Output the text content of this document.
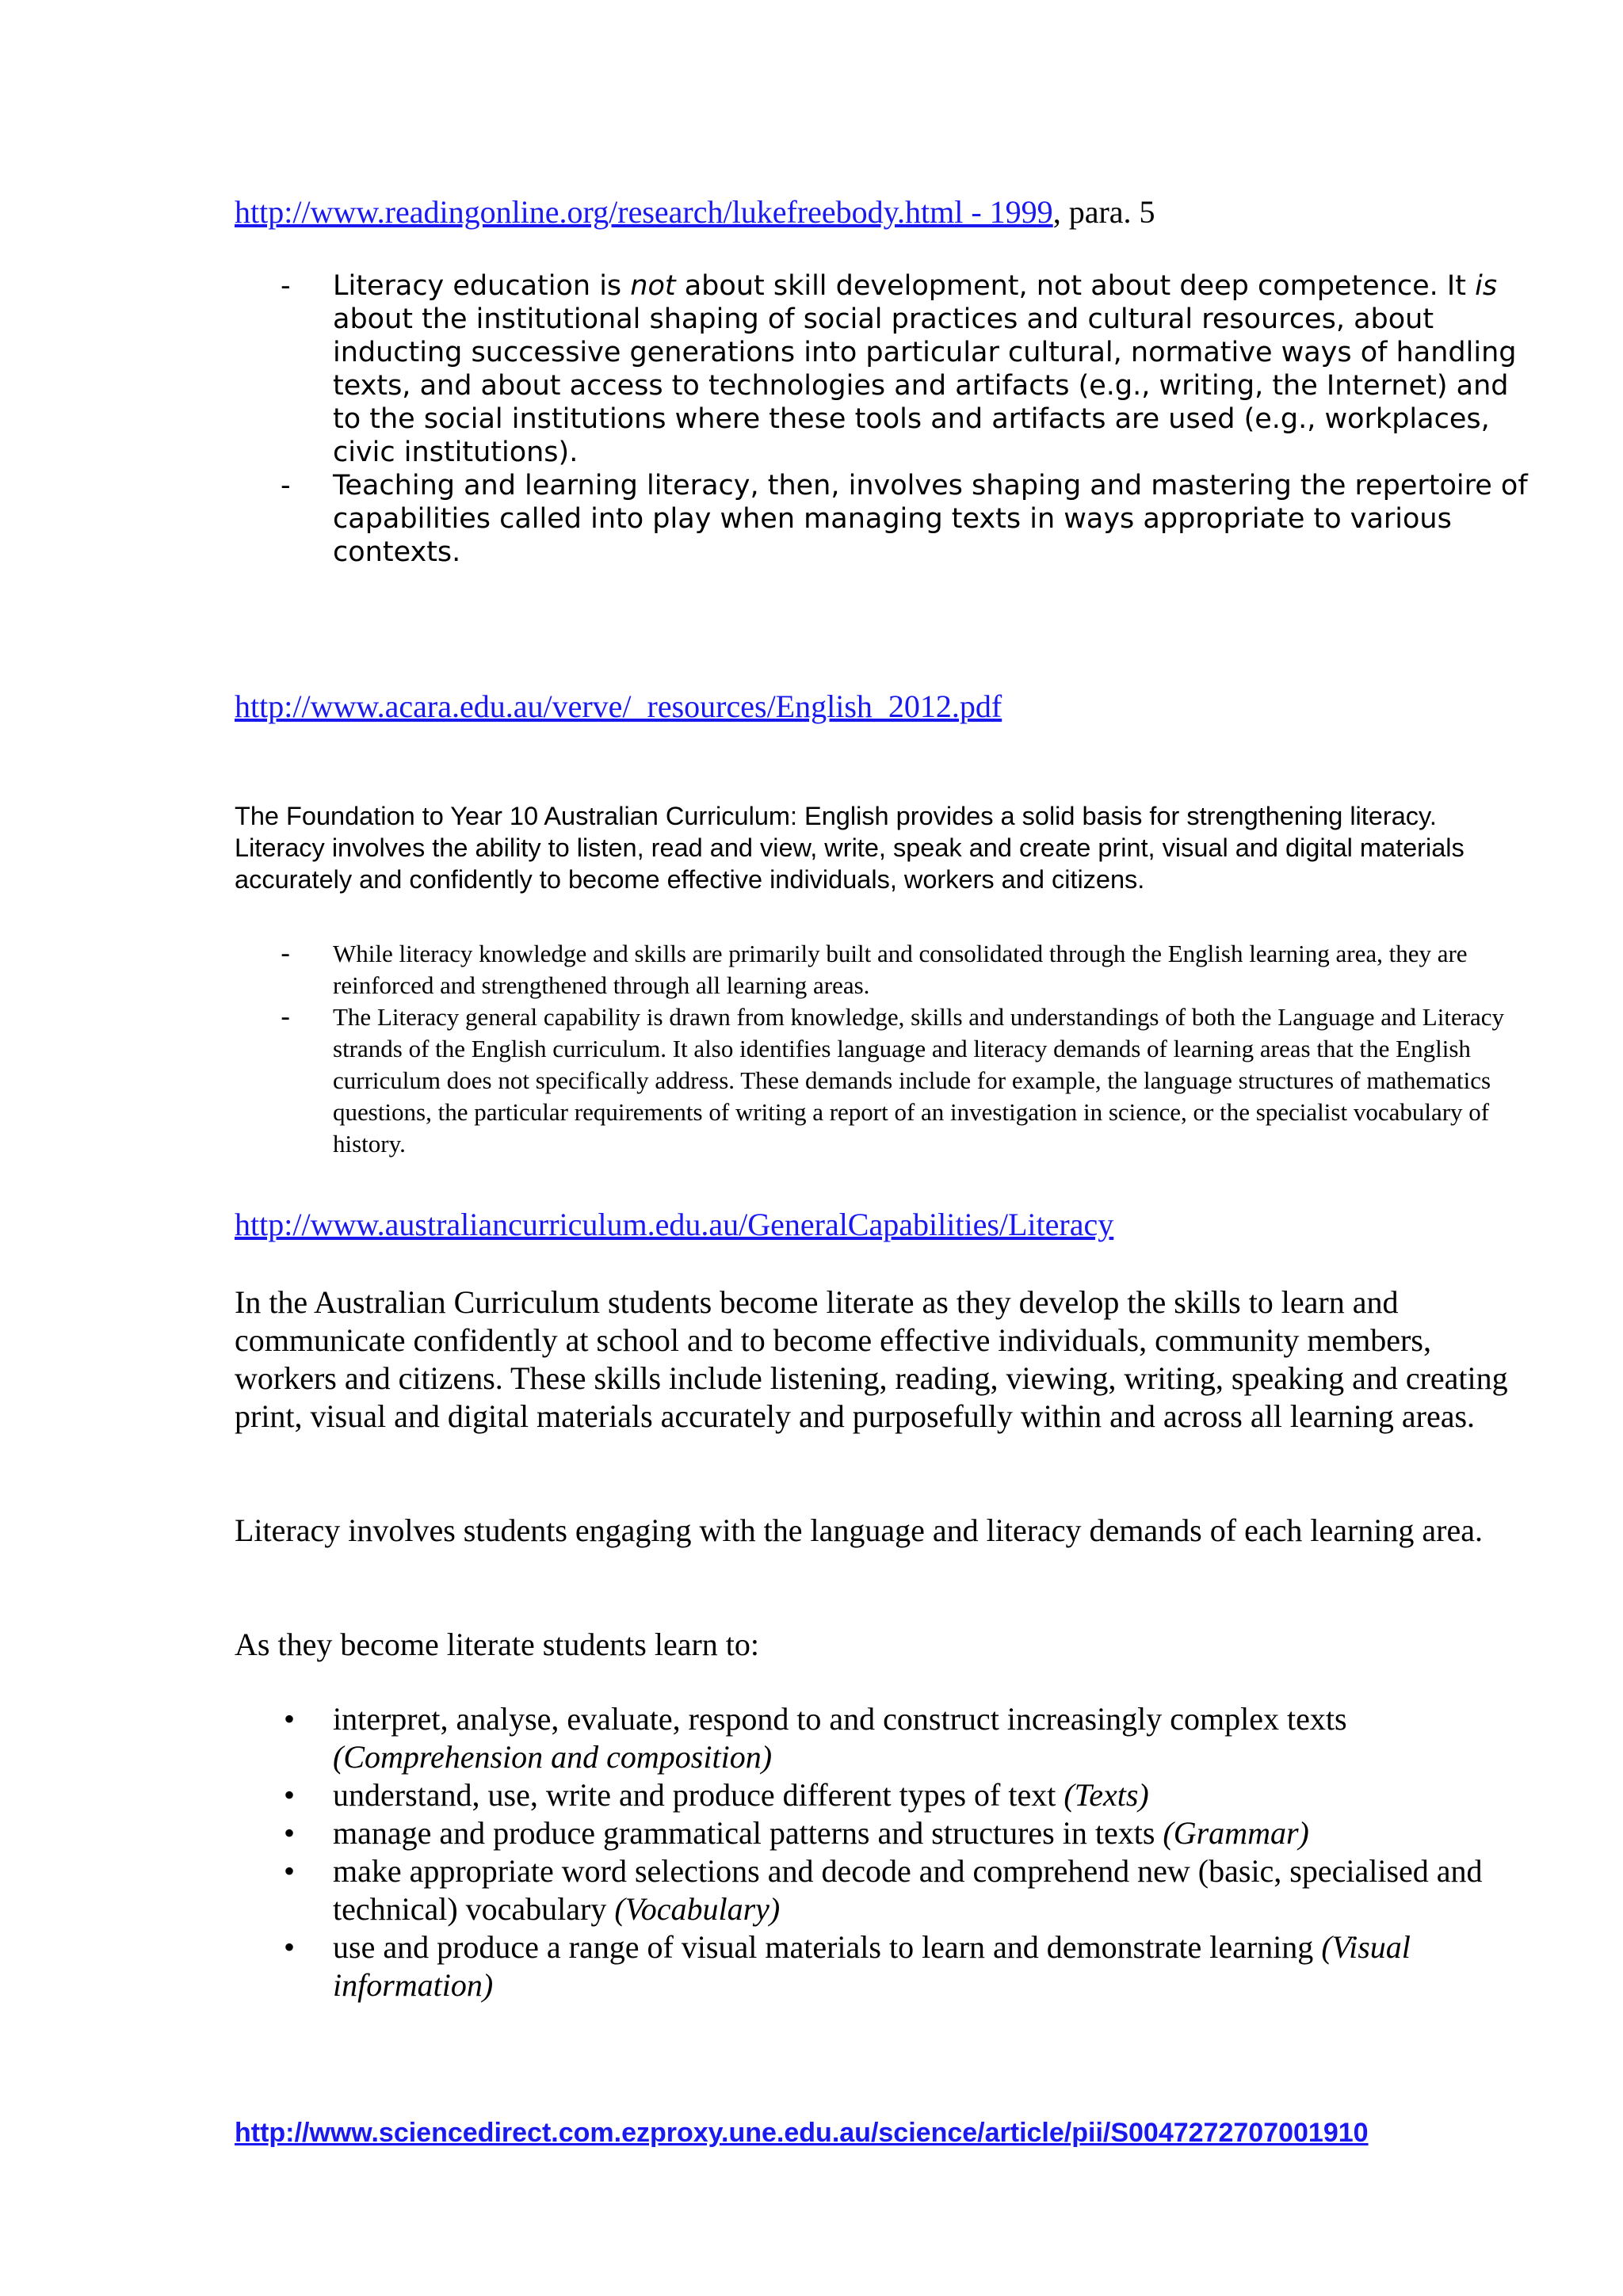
http://www.readingonline.org/research/lukefreebody.html - 1999, para. 5
- Literacy education is not about skill development, not about deep competence. It is about the institutional shaping of social practices and cultural resources, about inducting successive generations into particular cultural, normative ways of handling texts, and about access to technologies and artifacts (e.g., writing, the Internet) and to the social institutions where these tools and artifacts are used (e.g., workplaces, civic institutions).
- Teaching and learning literacy, then, involves shaping and mastering the repertoire of capabilities called into play when managing texts in ways appropriate to various contexts.
http://www.acara.edu.au/verve/_resources/English_2012.pdf

The Foundation to Year 10 Australian Curriculum: English provides a solid basis for strengthening literacy. Literacy involves the ability to listen, read and view, write, speak and create print, visual and digital materials accurately and confidently to become effective individuals, workers and citizens.

- While literacy knowledge and skills are primarily built and consolidated through the English learning area, they are reinforced and strengthened through all learning areas.
- The Literacy general capability is drawn from knowledge, skills and understandings of both the Language and Literacy strands of the English curriculum. It also identifies language and literacy demands of learning areas that the English curriculum does not specifically address. These demands include for example, the language structures of mathematics questions, the particular requirements of writing a report of an investigation in science, or the specialist vocabulary of history.
http://www.australiancurriculum.edu.au/GeneralCapabilities/Literacy

In the Australian Curriculum students become literate as they develop the skills to learn and communicate confidently at school and to become effective individuals, community members, workers and citizens. These skills include listening, reading, viewing, writing, speaking and creating print, visual and digital materials accurately and purposefully within and across all learning areas.

Literacy involves students engaging with the language and literacy demands of each learning area.

As they become literate students learn to:

• interpret, analyse, evaluate, respond to and construct increasingly complex texts (Comprehension and composition)
• understand, use, write and produce different types of text (Texts)
• manage and produce grammatical patterns and structures in texts (Grammar)
• make appropriate word selections and decode and comprehend new (basic, specialised and technical) vocabulary (Vocabulary)
• use and produce a range of visual materials to learn and demonstrate learning (Visual information)
http://www.sciencedirect.com.ezproxy.une.edu.au/science/article/pii/S0047272707001910
